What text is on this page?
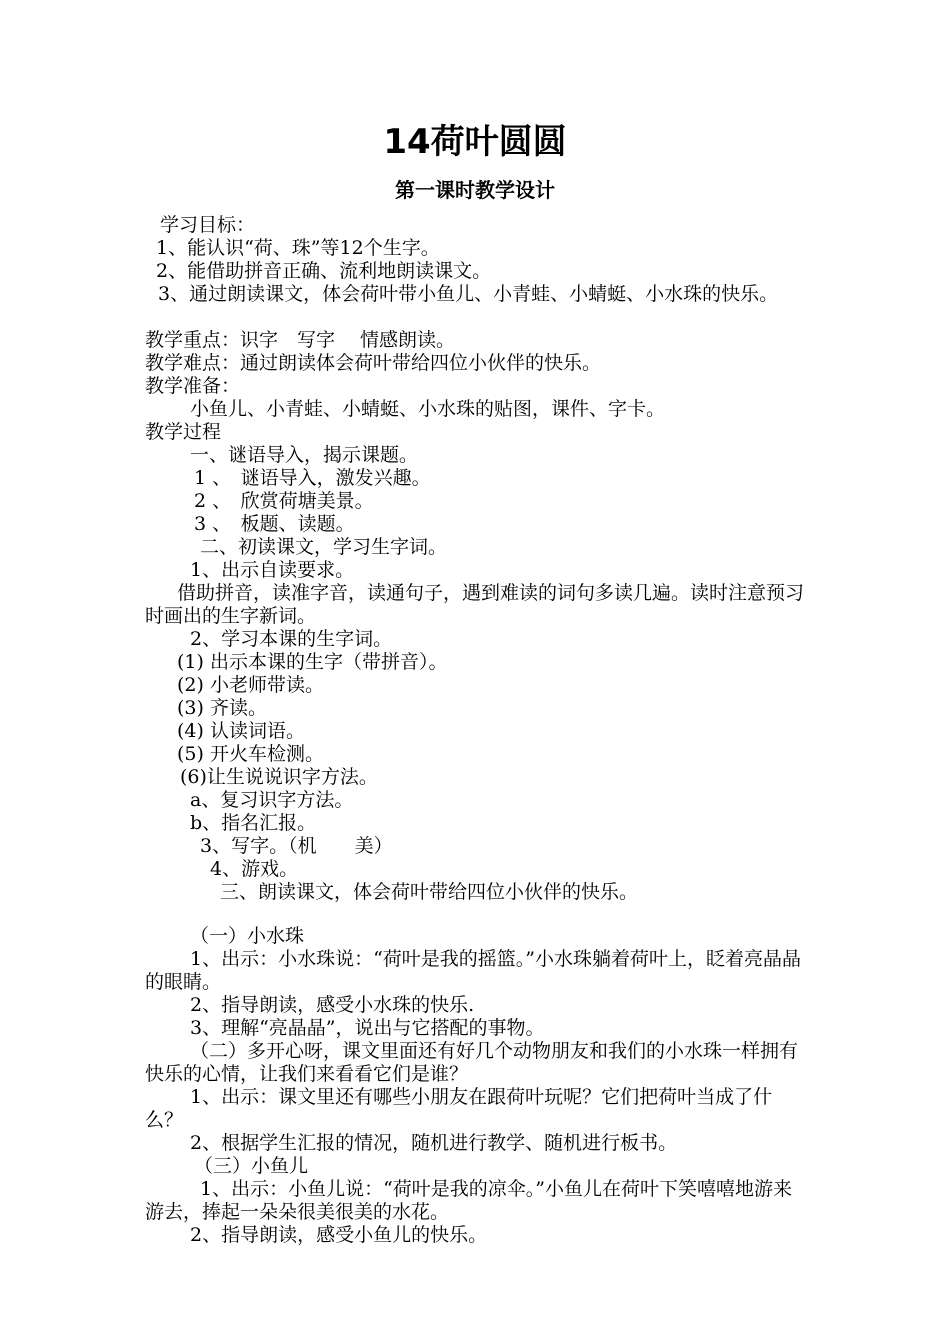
14荷叶圆圆
第一课时教学设计
学习目标：
1、能认识“荷、珠”等12个生字。
2、能借助拼音正确、流利地朗读课文。
3、通过朗读课文，体会荷叶带小鱼儿、小青蛙、小蜻蜓、小水珠的快乐。
教学重点：识字　写字　 情感朗读。
教学难点：通过朗读体会荷叶带给四位小伙伴的快乐。
教学准备：
小鱼儿、小青蛙、小蜻蜓、小水珠的贴图，课件、字卡。
教学过程
一、谜语导入，揭示课题。
1 、　谜语导入，激发兴趣。
2 、　欣赏荷塘美景。
3 、　板题、读题。
二、初读课文，学习生字词。
1、出示自读要求。
借助拼音，读准字音，读通句子，遇到难读的词句多读几遍。读时注意预习时画出的生字新词。
2、学习本课的生字词。
(1) 出示本课的生字（带拼音）。
(2) 小老师带读。
(3) 齐读。
(4) 认读词语。
(5) 开火车检测。
(6)让生说说识字方法。
a、复习识字方法。
b、指名汇报。
3、写字。（机　　美）
4、游戏。
三、朗读课文，体会荷叶带给四位小伙伴的快乐。
（一）小水珠
1、出示：小水珠说：“荷叶是我的摇篮。”小水珠躺着荷叶上，眨着亮晶晶的眼睛。
2、指导朗读，感受小水珠的快乐.
3、理解“亮晶晶”，说出与它搭配的事物。
（二）多开心呀，课文里面还有好几个动物朋友和我们的小水珠一样拥有快乐的心情，让我们来看看它们是谁？
1、出示：课文里还有哪些小朋友在跟荷叶玩呢？它们把荷叶当成了什么？
2、根据学生汇报的情况，随机进行教学、随机进行板书。
（三）小鱼儿
1、出示：小鱼儿说：“荷叶是我的凉伞。”小鱼儿在荷叶下笑嘻嘻地游来游去，捧起一朵朵很美很美的水花。
2、指导朗读，感受小鱼儿的快乐。
